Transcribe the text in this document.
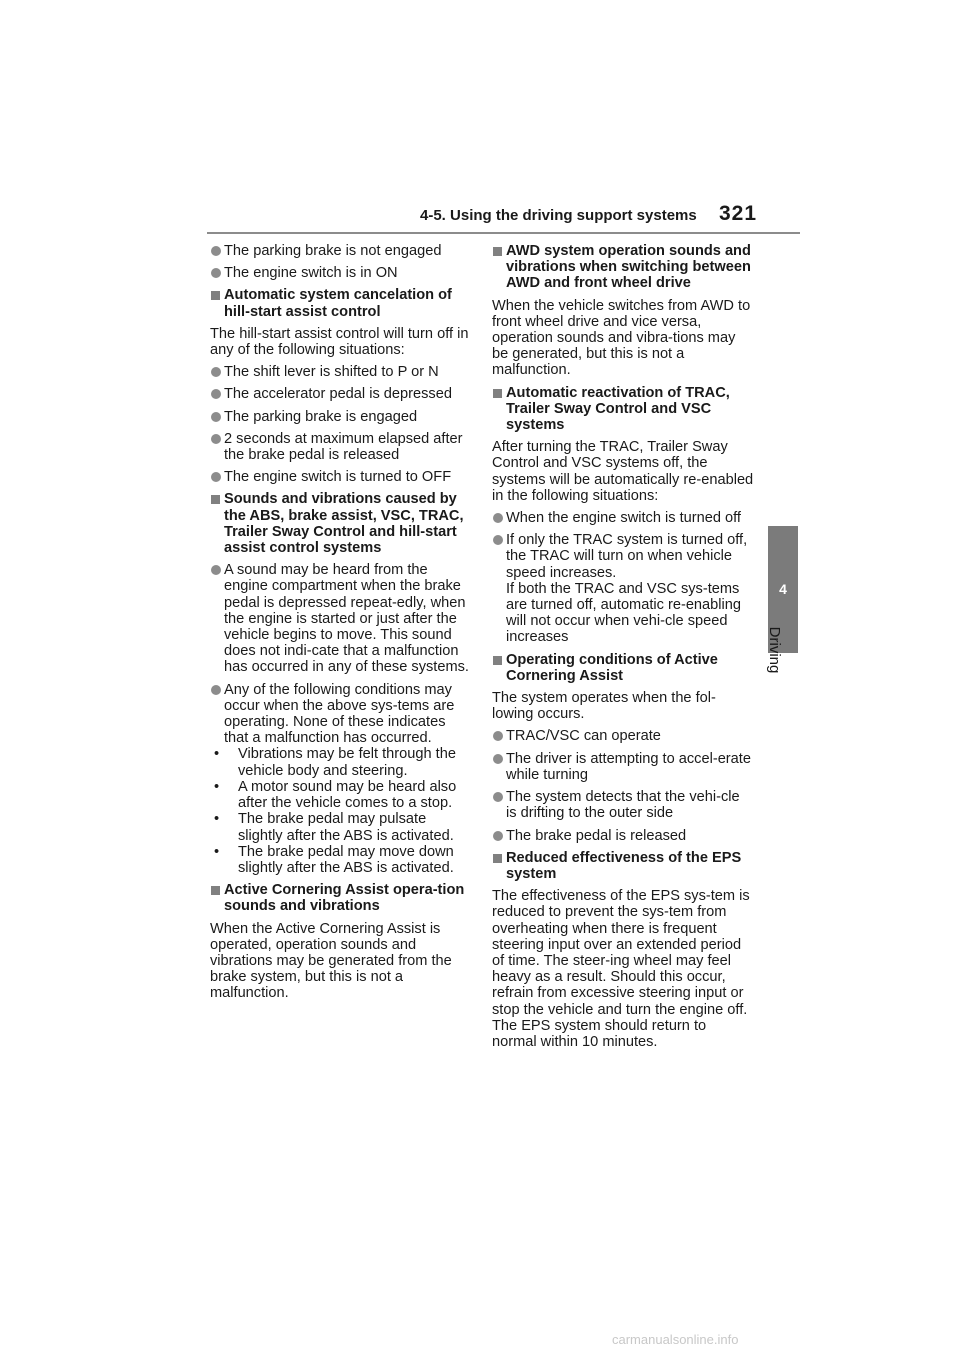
4-5. Using the driving support systems 321
4
Driving
The parking brake is not engaged
The engine switch is in ON
Automatic system cancelation of hill-start assist control
The hill-start assist control will turn off in any of the following situations:
The shift lever is shifted to P or N
The accelerator pedal is depressed
The parking brake is engaged
2 seconds at maximum elapsed after the brake pedal is released
The engine switch is turned to OFF
Sounds and vibrations caused by the ABS, brake assist, VSC, TRAC, Trailer Sway Control and hill-start assist control systems
A sound may be heard from the engine compartment when the brake pedal is depressed repeat-edly, when the engine is started or just after the vehicle begins to move. This sound does not indi-cate that a malfunction has occurred in any of these systems.
Any of the following conditions may occur when the above sys-tems are operating. None of these indicates that a malfunction has occurred.
• Vibrations may be felt through the vehicle body and steering.
• A motor sound may be heard also after the vehicle comes to a stop.
• The brake pedal may pulsate slightly after the ABS is activated.
• The brake pedal may move down slightly after the ABS is activated.
Active Cornering Assist opera-tion sounds and vibrations
When the Active Cornering Assist is operated, operation sounds and vibrations may be generated from the brake system, but this is not a malfunction.
AWD system operation sounds and vibrations when switching between AWD and front wheel drive
When the vehicle switches from AWD to front wheel drive and vice versa, operation sounds and vibra-tions may be generated, but this is not a malfunction.
Automatic reactivation of TRAC, Trailer Sway Control and VSC systems
After turning the TRAC, Trailer Sway Control and VSC systems off, the systems will be automatically re-enabled in the following situations:
When the engine switch is turned off
If only the TRAC system is turned off, the TRAC will turn on when vehicle speed increases.
If both the TRAC and VSC sys-tems are turned off, automatic re-enabling will not occur when vehi-cle speed increases
Operating conditions of Active Cornering Assist
The system operates when the fol-lowing occurs.
TRAC/VSC can operate
The driver is attempting to accel-erate while turning
The system detects that the vehi-cle is drifting to the outer side
The brake pedal is released
Reduced effectiveness of the EPS system
The effectiveness of the EPS sys-tem is reduced to prevent the sys-tem from overheating when there is frequent steering input over an extended period of time. The steer-ing wheel may feel heavy as a result. Should this occur, refrain from excessive steering input or stop the vehicle and turn the engine off. The EPS system should return to normal within 10 minutes.
carmanualsonline.info
